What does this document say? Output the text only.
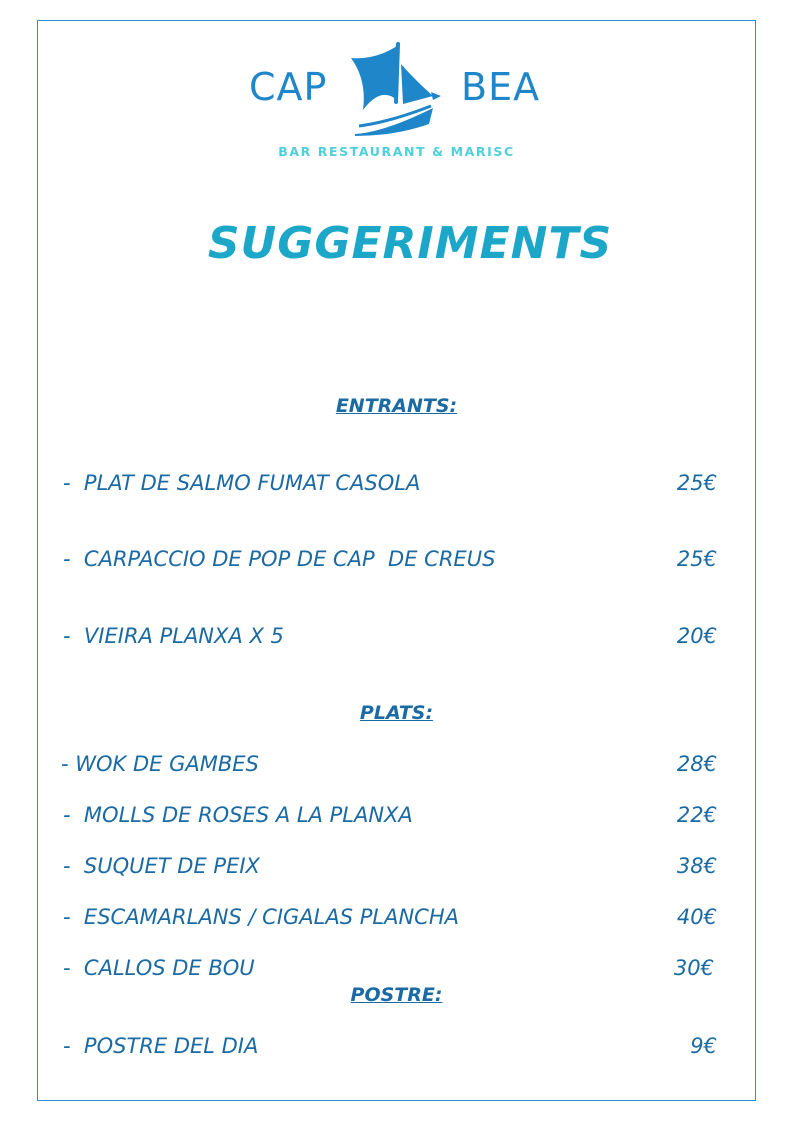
CAP	BEA
BAR RESTAURANT & MARISC
SUGGERIMENTS
ENTRANTS:
-  PLAT DE SALMO FUMAT CASOLA	25€
-  CARPACCIO DE POP DE CAP  DE CREUS	25€
-  VIEIRA PLANXA X 5	20€
PLATS:
- WOK DE GAMBES	28€
-  MOLLS DE ROSES A LA PLANXA	22€
-  SUQUET DE PEIX	38€
-  ESCAMARLANS / CIGALAS PLANCHA	40€
-  CALLOS DE BOU	30€
POSTRE:
-  POSTRE DEL DIA	9€
